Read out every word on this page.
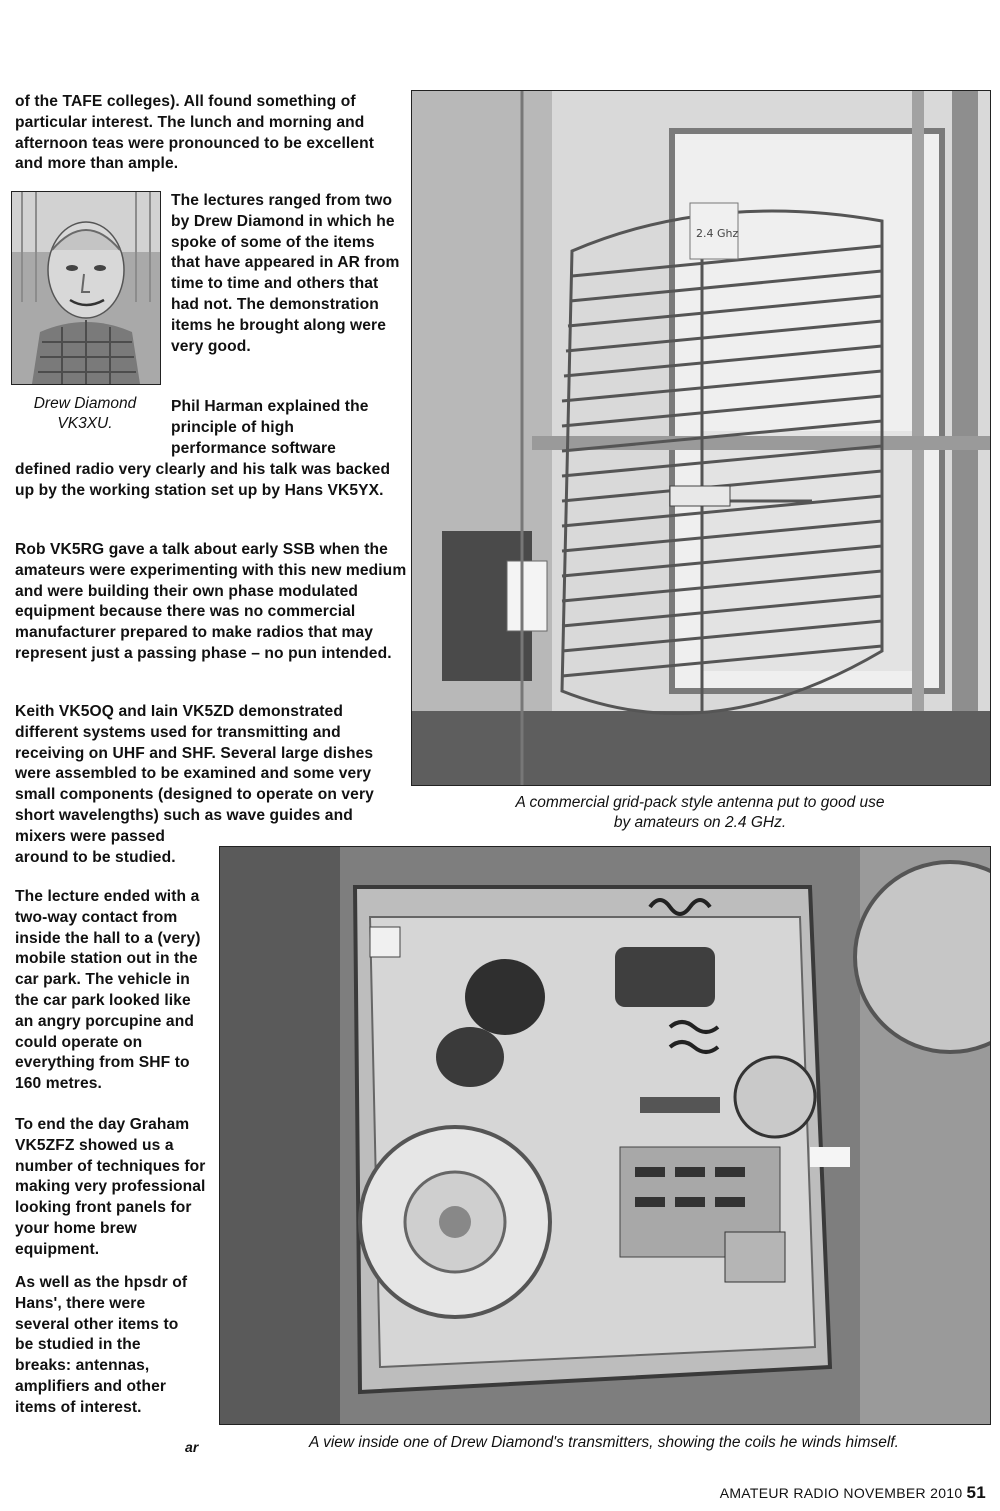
of the TAFE colleges). All found something of particular interest. The lunch and morning and afternoon teas were pronounced to be excellent and more than ample.

Drew Diamond
VK3XU.

The lectures ranged from two by Drew Diamond in which he spoke of some of the items that have appeared in AR from time to time and others that had not. The demonstration items he brought along were very good.

Phil Harman explained the principle of high performance software

defined radio very clearly and his talk was backed up by the working station set up by Hans VK5YX.

Rob VK5RG gave a talk about early SSB when the amateurs were experimenting with this new medium and were building their own phase modulated equipment because there was no commercial manufacturer prepared to make radios that may represent just a passing phase – no pun intended.

Keith VK5OQ and Iain VK5ZD demonstrated different systems used for transmitting and receiving on UHF and SHF. Several large dishes were assembled to be examined and some very small components (designed to operate on very short wavelengths) such as wave guides and

mixers were passed around to be studied.

The lecture ended with a two-way contact from inside the hall to a (very) mobile station out in the car park. The vehicle in the car park looked like an angry porcupine and could operate on everything from SHF to 160 metres.

To end the day Graham VK5ZFZ showed us a number of techniques for making very professional looking front panels for your home brew equipment.

As well as the hpsdr of Hans', there were several other items to be studied in the breaks: antennas, amplifiers and other items of interest.

ar
2.4 Ghz
A commercial grid-pack style antenna put to good use
by amateurs on 2.4 GHz.
A view inside one of Drew Diamond's transmitters, showing the coils he winds himself.
AMATEUR RADIO NOVEMBER 2010 51
